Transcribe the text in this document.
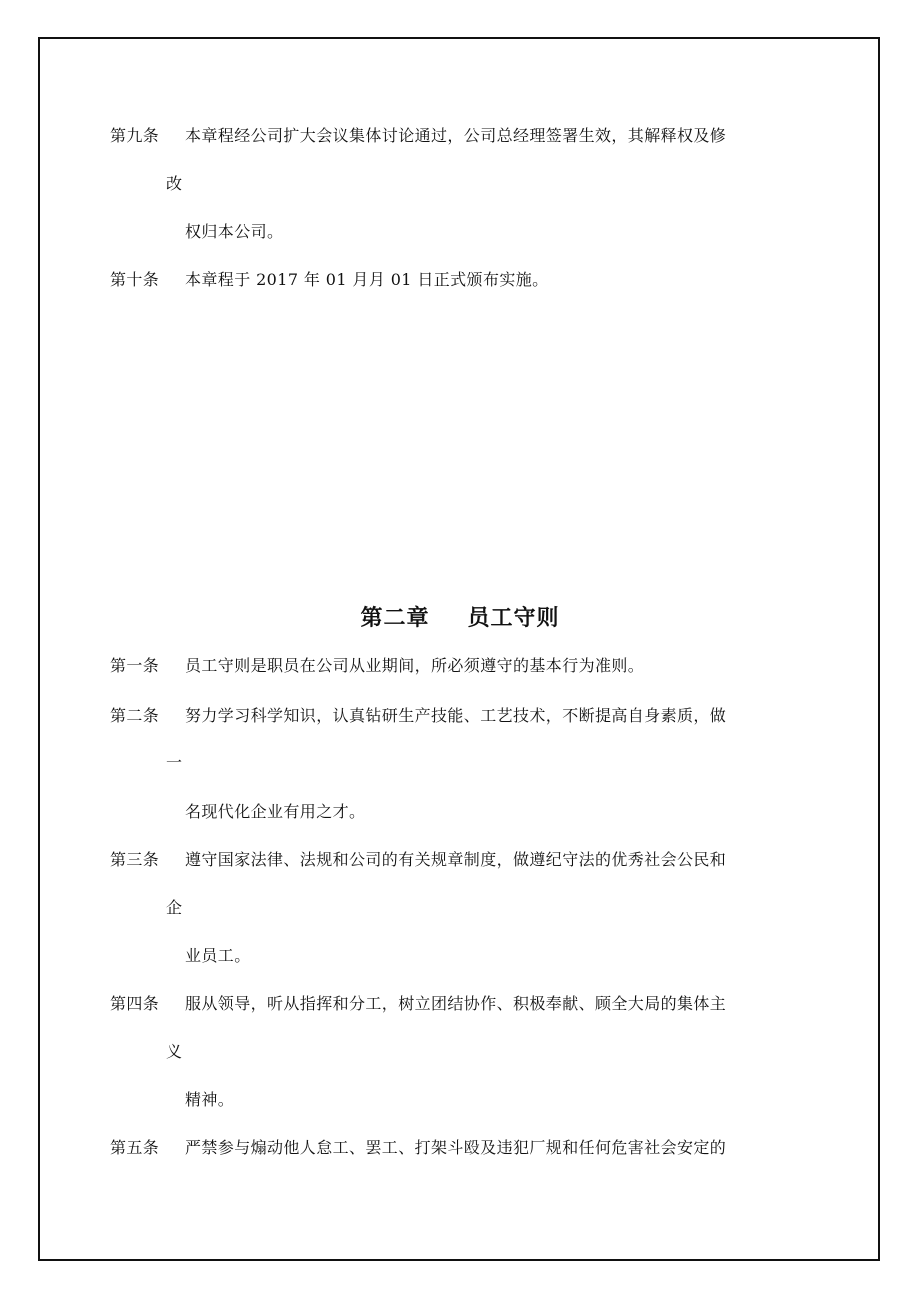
第九条 本章程经公司扩大会议集体讨论通过，公司总经理签署生效，其解释权及修
改
权归本公司。
第十条 本章程于 2017 年 01 月月 01 日正式颁布实施。
第二章 员工守则
第一条 员工守则是职员在公司从业期间，所必须遵守的基本行为准则。
第二条 努力学习科学知识，认真钻研生产技能、工艺技术，不断提高自身素质，做
一
名现代化企业有用之才。
第三条 遵守国家法律、法规和公司的有关规章制度，做遵纪守法的优秀社会公民和
企
业员工。
第四条 服从领导，听从指挥和分工，树立团结协作、积极奉献、顾全大局的集体主
义
精神。
第五条 严禁参与煽动他人怠工、罢工、打架斗殴及违犯厂规和任何危害社会安定的
